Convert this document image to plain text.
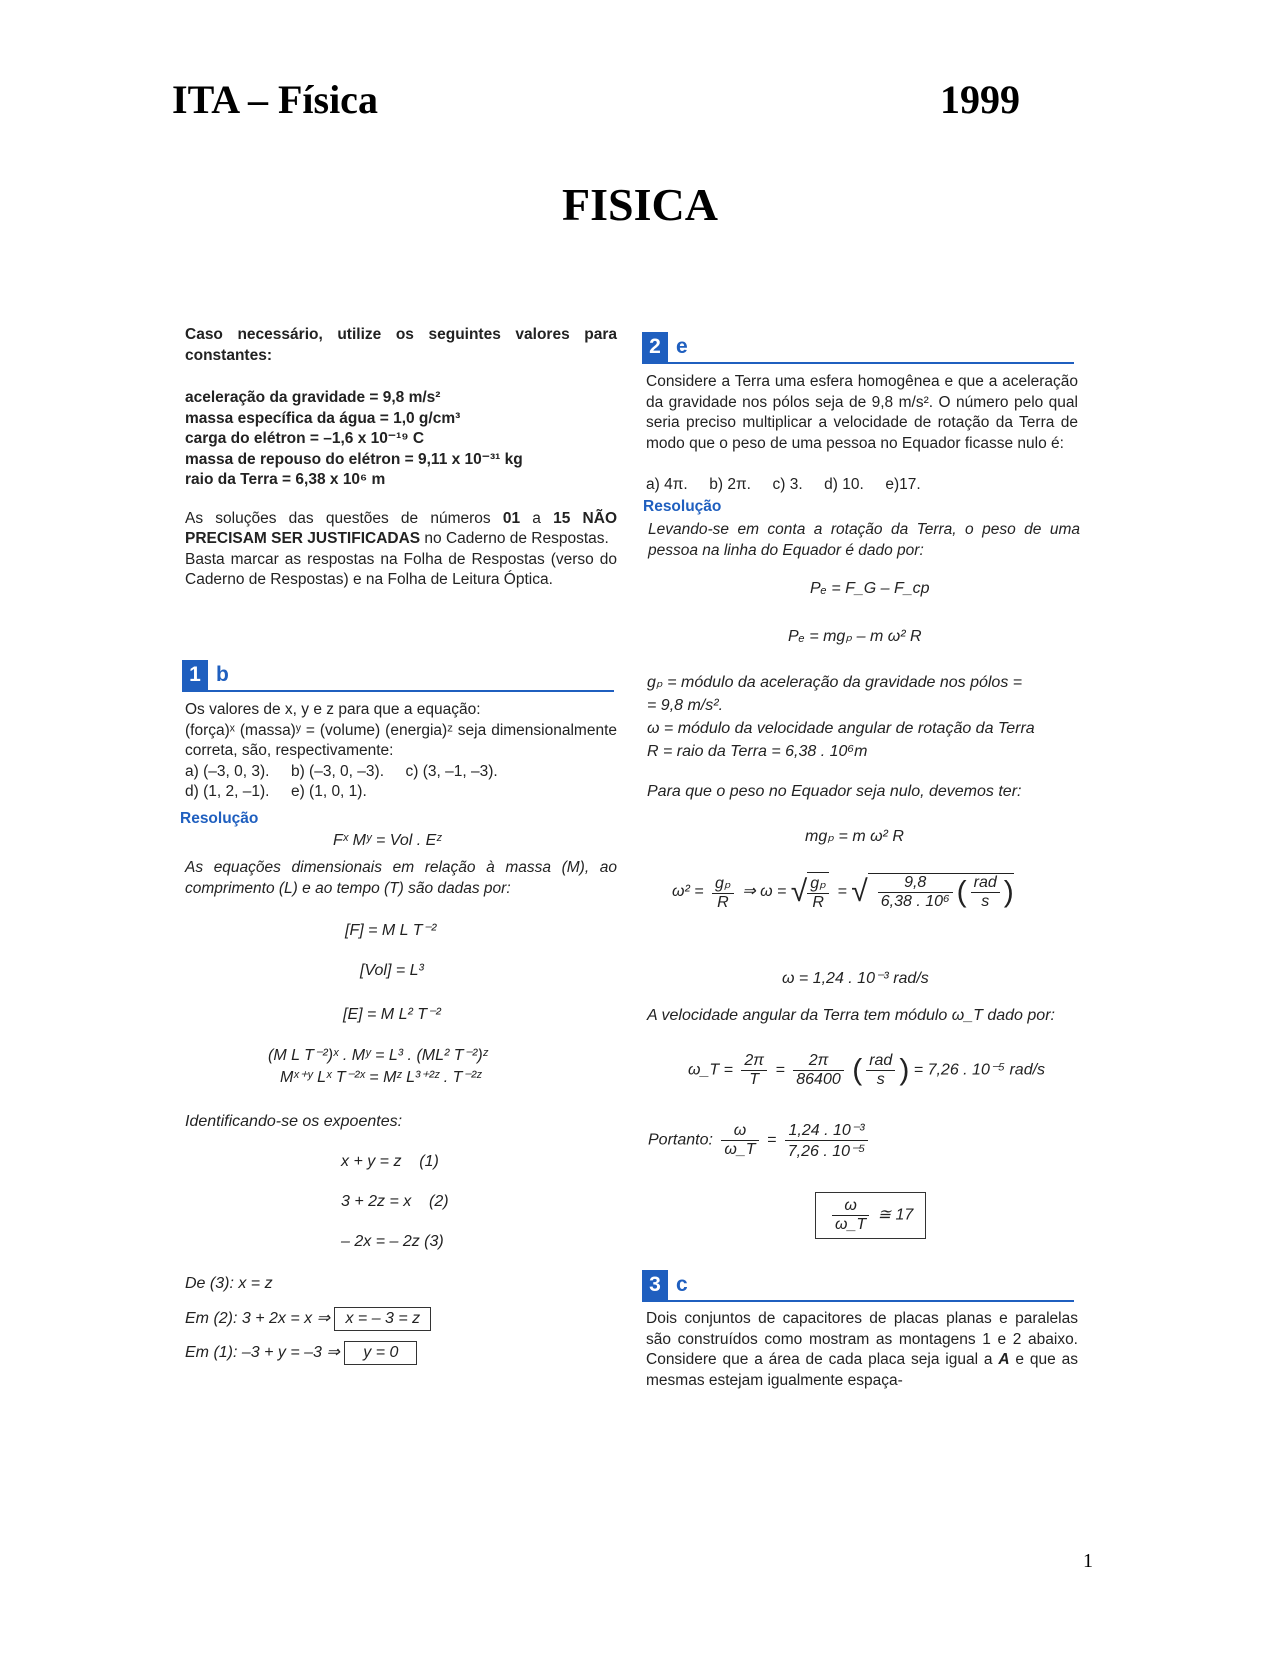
ITA – Física	1999
FISICA

Caso necessário, utilize os seguintes valores para constantes:

aceleração da gravidade = 9,8 m/s²

massa específica da água = 1,0 g/cm³

carga do elétron = –1,6 x 10⁻¹⁹ C

massa de repouso do elétron = 9,11 x 10⁻³¹ kg

raio da Terra = 6,38 x 10⁶ m

As soluções das questões de números 01 a 15 NÃO PRECISAM SER JUSTIFICADAS no Caderno de Respostas.

Basta marcar as respostas na Folha de Respostas (verso do Caderno de Respostas) e na Folha de Leitura Óptica.

1 b

Os valores de x, y e z para que a equação:

(força)ˣ (massa)ʸ = (volume) (energia)ᶻ seja dimensionalmente correta, são, respectivamente:

a) (–3, 0, 3).     b) (–3, 0, –3).     c) (3, –1, –3).

d) (1, 2, –1).     e) (1, 0, 1).

Resolução
Fˣ Mʸ = Vol . Eᶻ
As equações dimensionais em relação à massa (M), ao comprimento (L) e ao tempo (T) são dadas por:
[F] = M L T⁻²
[Vol] = L³
[E] = M L² T⁻²
(M L T⁻²)ˣ . Mʸ = L³ . (ML² T⁻²)ᶻ
Mˣ⁺ʸ Lˣ T⁻²ˣ = Mᶻ L³⁺²ᶻ . T⁻²ᶻ
Identificando-se os expoentes:
x + y = z    (1)
3 + 2z = x    (2)
– 2x = – 2z (3)
De (3): x = z
Em (2): 3 + 2x = x ⇒ x = – 3 = z
Em (1): –3 + y = –3 ⇒ y = 0
2 e
Considere a Terra uma esfera homogênea e que a aceleração da gravidade nos pólos seja de 9,8 m/s². O número pelo qual seria preciso multiplicar a velocidade de rotação da Terra de modo que o peso de uma pessoa no Equador ficasse nulo é:
a) 4π.     b) 2π.     c) 3.     d) 10.     e)17.
Resolução
Levando-se em conta a rotação da Terra, o peso de uma pessoa na linha do Equador é dado por:
Pₑ = F_G – F_cp
Pₑ = mgₚ – m ω² R
gₚ = módulo da aceleração da gravidade nos pólos =
= 9,8 m/s².
ω = módulo da velocidade angular de rotação da Terra
R = raio da Terra = 6,38 . 10⁶m
Para que o peso no Equador seja nulo, devemos ter:
mgₚ = m ω² R
$\omega^2 = \frac{\text{gₚ}}{R}$ ⇒ ω = √ $\frac{\text{gₚ}}{R}$ = √ $\frac{9,8}{\text{6,38 . 10⁶}}$ ( $\frac{\text{rad}}{s}$ )
ω = 1,24 . 10⁻³ rad/s
A velocidade angular da Terra tem módulo ω_T dado por:
ω_T = $\frac{2\pi}{T} = \frac{2\pi}{86400}$ ( $\frac{\text{rad}}{s}$ ) = 7,26 . 10⁻⁵ rad/s
Portanto: $\frac{\omega}{\omega\_T} = \frac{\text{1,24 . 10⁻³}}{\text{7,26 . 10⁻⁵}}$
$\frac{\omega}{\omega\_T}$ ≅ 17
3 c
Dois conjuntos de capacitores de placas planas e paralelas são construídos como mostram as montagens 1 e 2 abaixo. Considere que a área de cada placa seja igual a A e que as mesmas estejam igualmente espaça-
1
